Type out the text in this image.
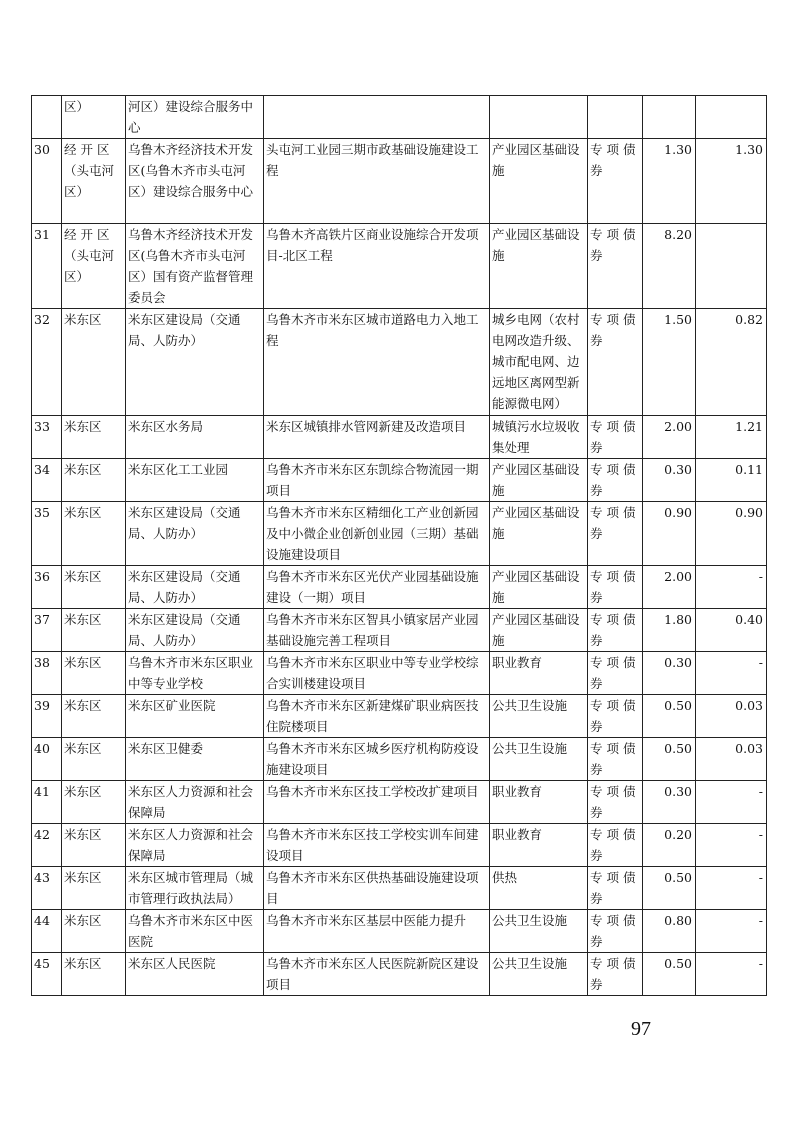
	区）	河区）建设综合服务中心					
30	经 开 区（头屯河区）	乌鲁木齐经济技术开发区(乌鲁木齐市头屯河区）建设综合服务中心	头屯河工业园三期市政基础设施建设工程	产业园区基础设施	专 项 债券	1.30	1.30
31	经 开 区（头屯河区）	乌鲁木齐经济技术开发区(乌鲁木齐市头屯河区）国有资产监督管理委员会	乌鲁木齐高铁片区商业设施综合开发项目-北区工程	产业园区基础设施	专 项 债券	8.20	
32	米东区	米东区建设局（交通局、人防办）	乌鲁木齐市米东区城市道路电力入地工程	城乡电网（农村电网改造升级、城市配电网、边远地区离网型新能源微电网）	专 项 债券	1.50	0.82
33	米东区	米东区水务局	米东区城镇排水管网新建及改造项目	城镇污水垃圾收集处理	专 项 债券	2.00	1.21
34	米东区	米东区化工工业园	乌鲁木齐市米东区东凯综合物流园一期项目	产业园区基础设施	专 项 债券	0.30	0.11
35	米东区	米东区建设局（交通局、人防办）	乌鲁木齐市米东区精细化工产业创新园及中小微企业创新创业园（三期）基础设施建设项目	产业园区基础设施	专 项 债券	0.90	0.90
36	米东区	米东区建设局（交通局、人防办）	乌鲁木齐市米东区光伏产业园基础设施建设（一期）项目	产业园区基础设施	专 项 债券	2.00	-
37	米东区	米东区建设局（交通局、人防办）	乌鲁木齐市米东区智具小镇家居产业园基础设施完善工程项目	产业园区基础设施	专 项 债券	1.80	0.40
38	米东区	乌鲁木齐市米东区职业中等专业学校	乌鲁木齐市米东区职业中等专业学校综合实训楼建设项目	职业教育	专 项 债券	0.30	-
39	米东区	米东区矿业医院	乌鲁木齐市米东区新建煤矿职业病医技住院楼项目	公共卫生设施	专 项 债券	0.50	0.03
40	米东区	米东区卫健委	乌鲁木齐市米东区城乡医疗机构防疫设施建设项目	公共卫生设施	专 项 债券	0.50	0.03
41	米东区	米东区人力资源和社会保障局	乌鲁木齐市米东区技工学校改扩建项目	职业教育	专 项 债券	0.30	-
42	米东区	米东区人力资源和社会保障局	乌鲁木齐市米东区技工学校实训车间建设项目	职业教育	专 项 债券	0.20	-
43	米东区	米东区城市管理局（城市管理行政执法局）	乌鲁木齐市米东区供热基础设施建设项目	供热	专 项 债券	0.50	-
44	米东区	乌鲁木齐市米东区中医医院	乌鲁木齐市米东区基层中医能力提升	公共卫生设施	专 项 债券	0.80	-
45	米东区	米东区人民医院	乌鲁木齐市米东区人民医院新院区建设项目	公共卫生设施	专 项 债券	0.50	-
97
